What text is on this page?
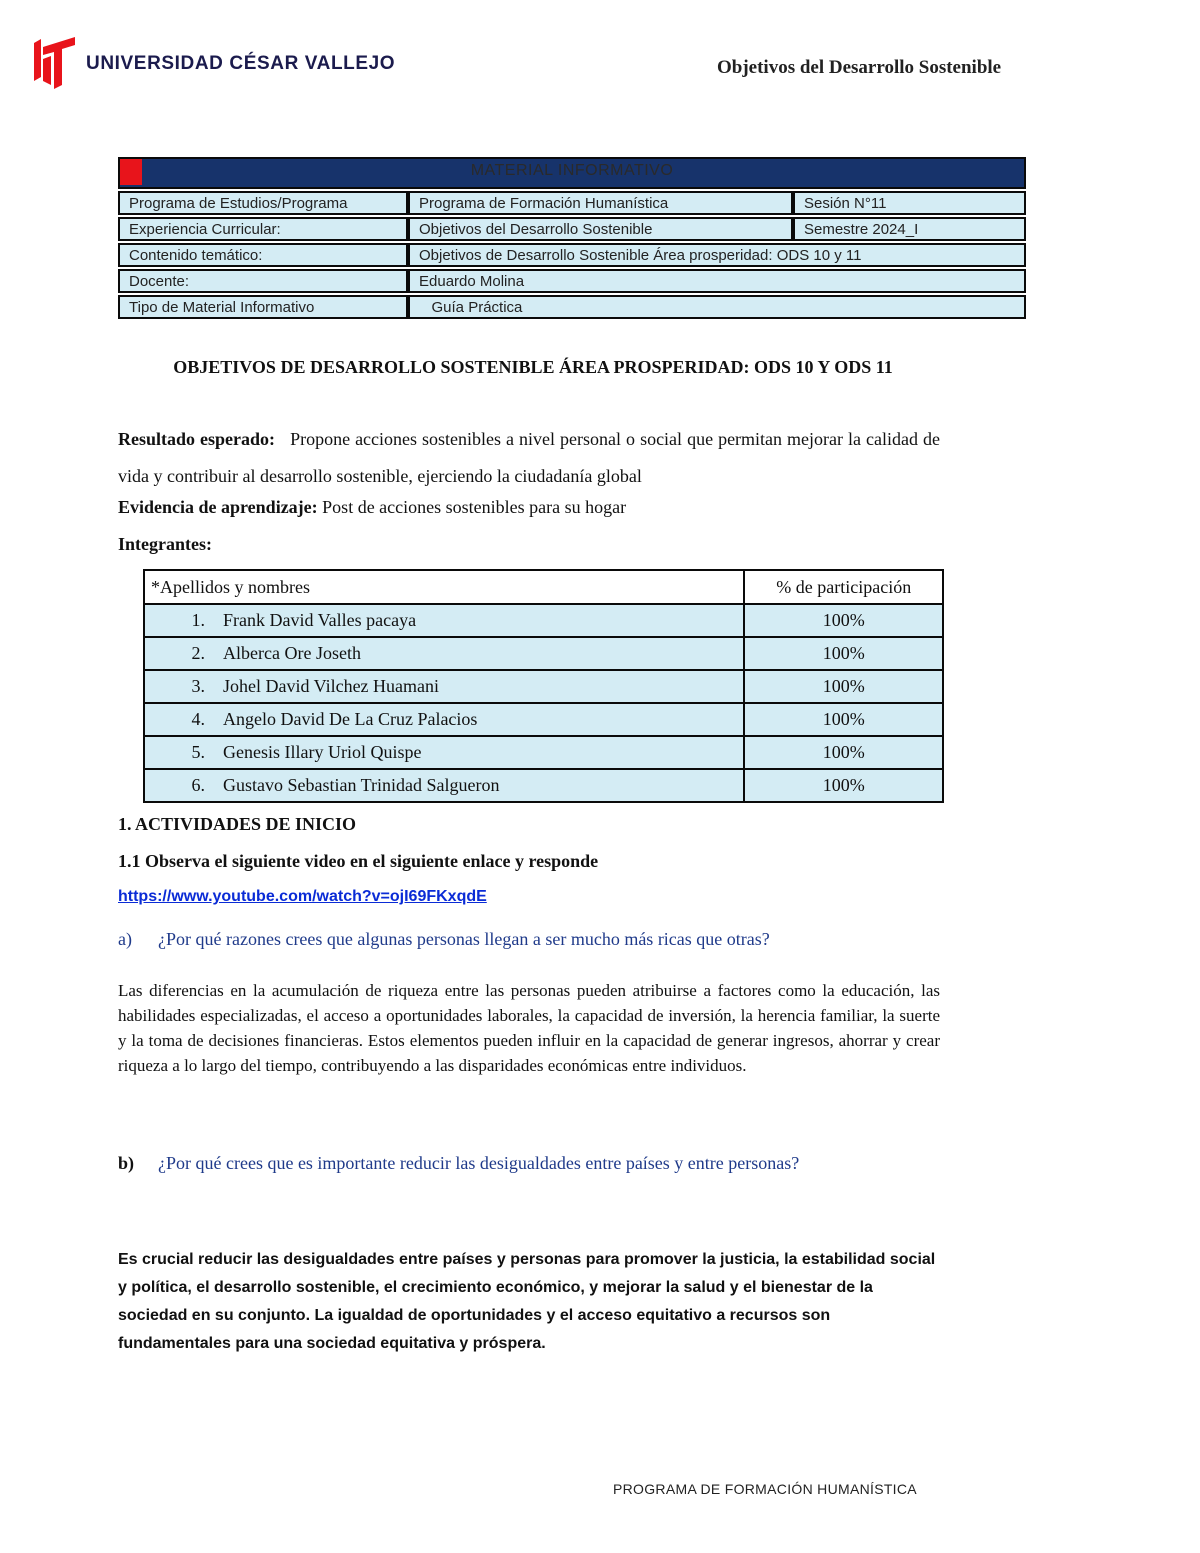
UNIVERSIDAD CÉSAR VALLEJO	Objetivos del Desarrollo Sostenible
MATERIAL INFORMATIVO
Programa de Estudios/Programa	Programa de Formación Humanística	Sesión N°11
Experiencia Curricular:	Objetivos del Desarrollo Sostenible	Semestre 2024_I
Contenido temático:	Objetivos de Desarrollo Sostenible Área prosperidad: ODS 10 y 11
Docente:	Eduardo Molina
Tipo de Material Informativo	Guía Práctica
OBJETIVOS DE DESARROLLO SOSTENIBLE ÁREA PROSPERIDAD: ODS 10 Y ODS 11
Resultado esperado: Propone acciones sostenibles a nivel personal o social que permitan mejorar la calidad de vida y contribuir al desarrollo sostenible, ejerciendo la ciudadanía global
Evidencia de aprendizaje: Post de acciones sostenibles para su hogar
Integrantes:
*Apellidos y nombres	% de participación
1. Frank David Valles pacaya	100%
2. Alberca Ore Joseth	100%
3. Johel David Vilchez Huamani	100%
4. Angelo David De La Cruz Palacios	100%
5. Genesis Illary Uriol Quispe	100%
6. Gustavo Sebastian Trinidad Salgueron	100%
1. ACTIVIDADES DE INICIO
1.1 Observa el siguiente video en el siguiente enlace y responde
https://www.youtube.com/watch?v=ojI69FKxqdE
a) ¿Por qué razones crees que algunas personas llegan a ser mucho más ricas que otras?
Las diferencias en la acumulación de riqueza entre las personas pueden atribuirse a factores como la educación, las habilidades especializadas, el acceso a oportunidades laborales, la capacidad de inversión, la herencia familiar, la suerte y la toma de decisiones financieras. Estos elementos pueden influir en la capacidad de generar ingresos, ahorrar y crear riqueza a lo largo del tiempo, contribuyendo a las disparidades económicas entre individuos.
b) ¿Por qué crees que es importante reducir las desigualdades entre países y entre personas?
Es crucial reducir las desigualdades entre países y personas para promover la justicia, la estabilidad social y política, el desarrollo sostenible, el crecimiento económico, y mejorar la salud y el bienestar de la sociedad en su conjunto. La igualdad de oportunidades y el acceso equitativo a recursos son fundamentales para una sociedad equitativa y próspera.
PROGRAMA DE FORMACIÓN HUMANÍSTICA
